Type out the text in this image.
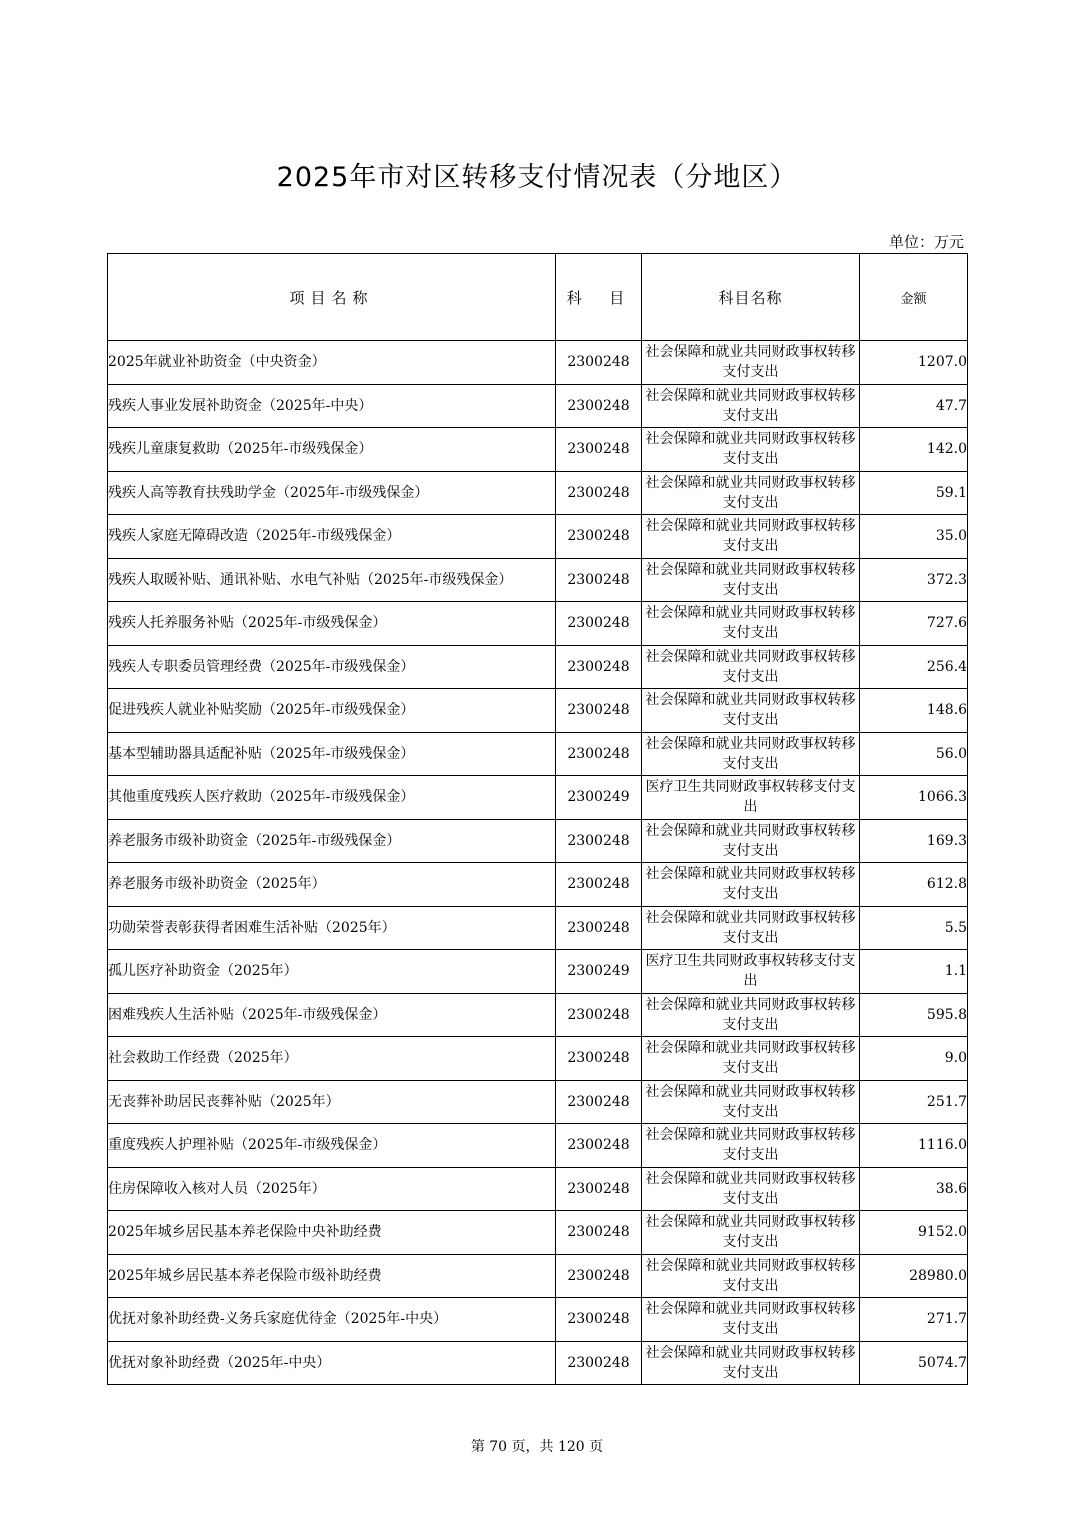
2025年市对区转移支付情况表（分地区）
单位：万元
项目名称	科  目	科目名称	金额
2025年就业补助资金（中央资金）	2300248	社会保障和就业共同财政事权转移支付支出	1207.0
残疾人事业发展补助资金（2025年-中央）	2300248	社会保障和就业共同财政事权转移支付支出	47.7
残疾儿童康复救助（2025年-市级残保金）	2300248	社会保障和就业共同财政事权转移支付支出	142.0
残疾人高等教育扶残助学金（2025年-市级残保金）	2300248	社会保障和就业共同财政事权转移支付支出	59.1
残疾人家庭无障碍改造（2025年-市级残保金）	2300248	社会保障和就业共同财政事权转移支付支出	35.0
残疾人取暖补贴、通讯补贴、水电气补贴（2025年-市级残保金）	2300248	社会保障和就业共同财政事权转移支付支出	372.3
残疾人托养服务补贴（2025年-市级残保金）	2300248	社会保障和就业共同财政事权转移支付支出	727.6
残疾人专职委员管理经费（2025年-市级残保金）	2300248	社会保障和就业共同财政事权转移支付支出	256.4
促进残疾人就业补贴奖励（2025年-市级残保金）	2300248	社会保障和就业共同财政事权转移支付支出	148.6
基本型辅助器具适配补贴（2025年-市级残保金）	2300248	社会保障和就业共同财政事权转移支付支出	56.0
其他重度残疾人医疗救助（2025年-市级残保金）	2300249	医疗卫生共同财政事权转移支付支出	1066.3
养老服务市级补助资金（2025年-市级残保金）	2300248	社会保障和就业共同财政事权转移支付支出	169.3
养老服务市级补助资金（2025年）	2300248	社会保障和就业共同财政事权转移支付支出	612.8
功勋荣誉表彰获得者困难生活补贴（2025年）	2300248	社会保障和就业共同财政事权转移支付支出	5.5
孤儿医疗补助资金（2025年）	2300249	医疗卫生共同财政事权转移支付支出	1.1
困难残疾人生活补贴（2025年-市级残保金）	2300248	社会保障和就业共同财政事权转移支付支出	595.8
社会救助工作经费（2025年）	2300248	社会保障和就业共同财政事权转移支付支出	9.0
无丧葬补助居民丧葬补贴（2025年）	2300248	社会保障和就业共同财政事权转移支付支出	251.7
重度残疾人护理补贴（2025年-市级残保金）	2300248	社会保障和就业共同财政事权转移支付支出	1116.0
住房保障收入核对人员（2025年）	2300248	社会保障和就业共同财政事权转移支付支出	38.6
2025年城乡居民基本养老保险中央补助经费	2300248	社会保障和就业共同财政事权转移支付支出	9152.0
2025年城乡居民基本养老保险市级补助经费	2300248	社会保障和就业共同财政事权转移支付支出	28980.0
优抚对象补助经费-义务兵家庭优待金（2025年-中央）	2300248	社会保障和就业共同财政事权转移支付支出	271.7
优抚对象补助经费（2025年-中央）	2300248	社会保障和就业共同财政事权转移支付支出	5074.7
第 70 页，共 120 页
